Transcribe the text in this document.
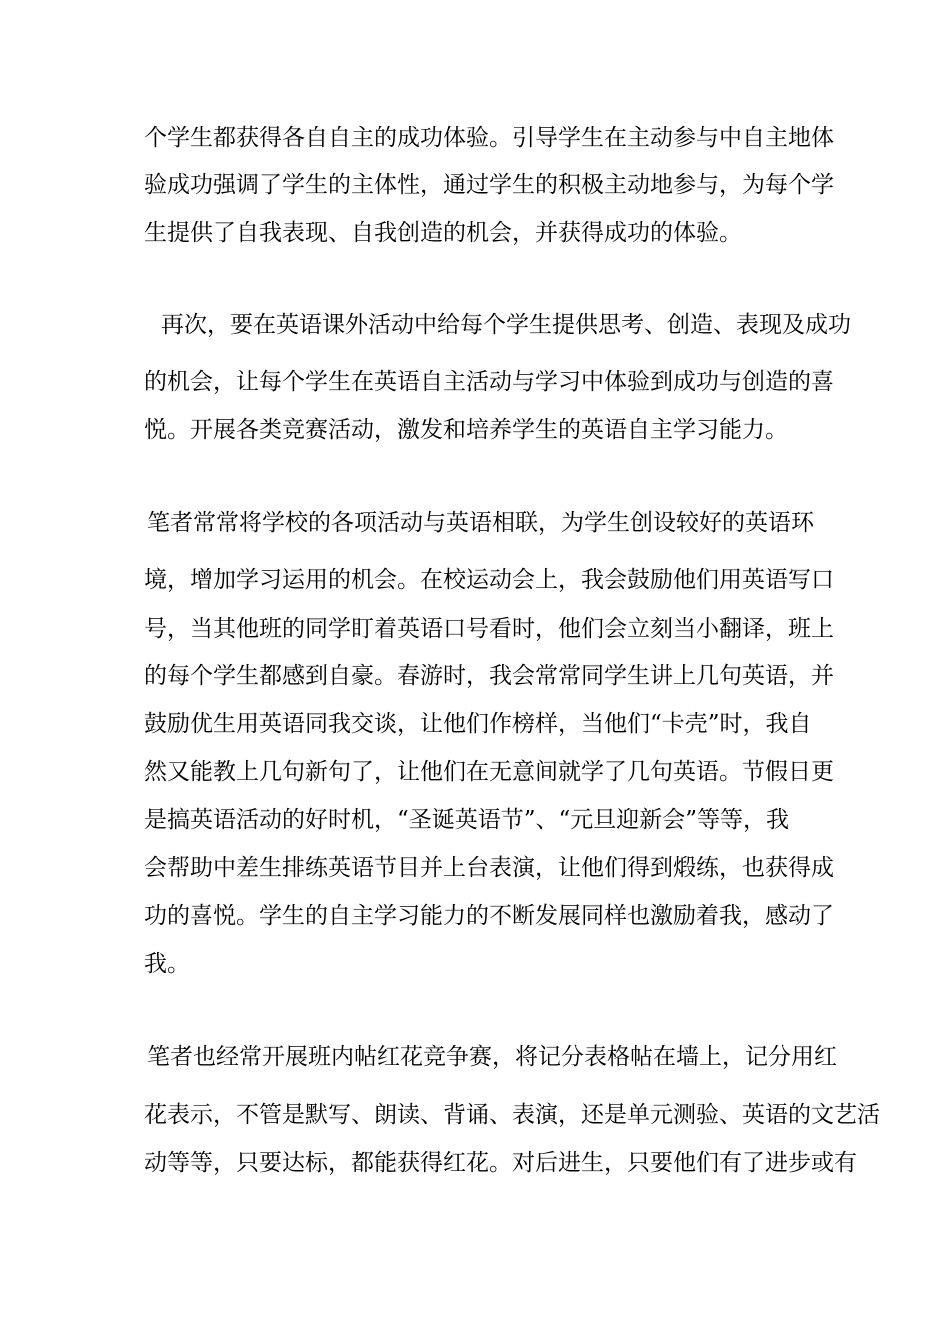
个学生都获得各自自主的成功体验。引导学生在主动参与中自主地体
验成功强调了学生的主体性，通过学生的积极主动地参与，为每个学
生提供了自我表现、自我创造的机会，并获得成功的体验。
再次，要在英语课外活动中给每个学生提供思考、创造、表现及成功
的机会，让每个学生在英语自主活动与学习中体验到成功与创造的喜
悦。开展各类竞赛活动，激发和培养学生的英语自主学习能力。
笔者常常将学校的各项活动与英语相联，为学生创设较好的英语环
境，增加学习运用的机会。在校运动会上，我会鼓励他们用英语写口
号，当其他班的同学盯着英语口号看时，他们会立刻当小翻译，班上
的每个学生都感到自豪。春游时，我会常常同学生讲上几句英语，并
鼓励优生用英语同我交谈，让他们作榜样，当他们“卡壳”时，我自
然又能教上几句新句了，让他们在无意间就学了几句英语。节假日更
是搞英语活动的好时机，“圣诞英语节”、“元旦迎新会”等等，我
会帮助中差生排练英语节目并上台表演，让他们得到煅练，也获得成
功的喜悦。学生的自主学习能力的不断发展同样也激励着我，感动了
我。
笔者也经常开展班内帖红花竞争赛，将记分表格帖在墙上，记分用红
花表示，不管是默写、朗读、背诵、表演，还是单元测验、英语的文艺活
动等等，只要达标，都能获得红花。对后进生，只要他们有了进步或有
